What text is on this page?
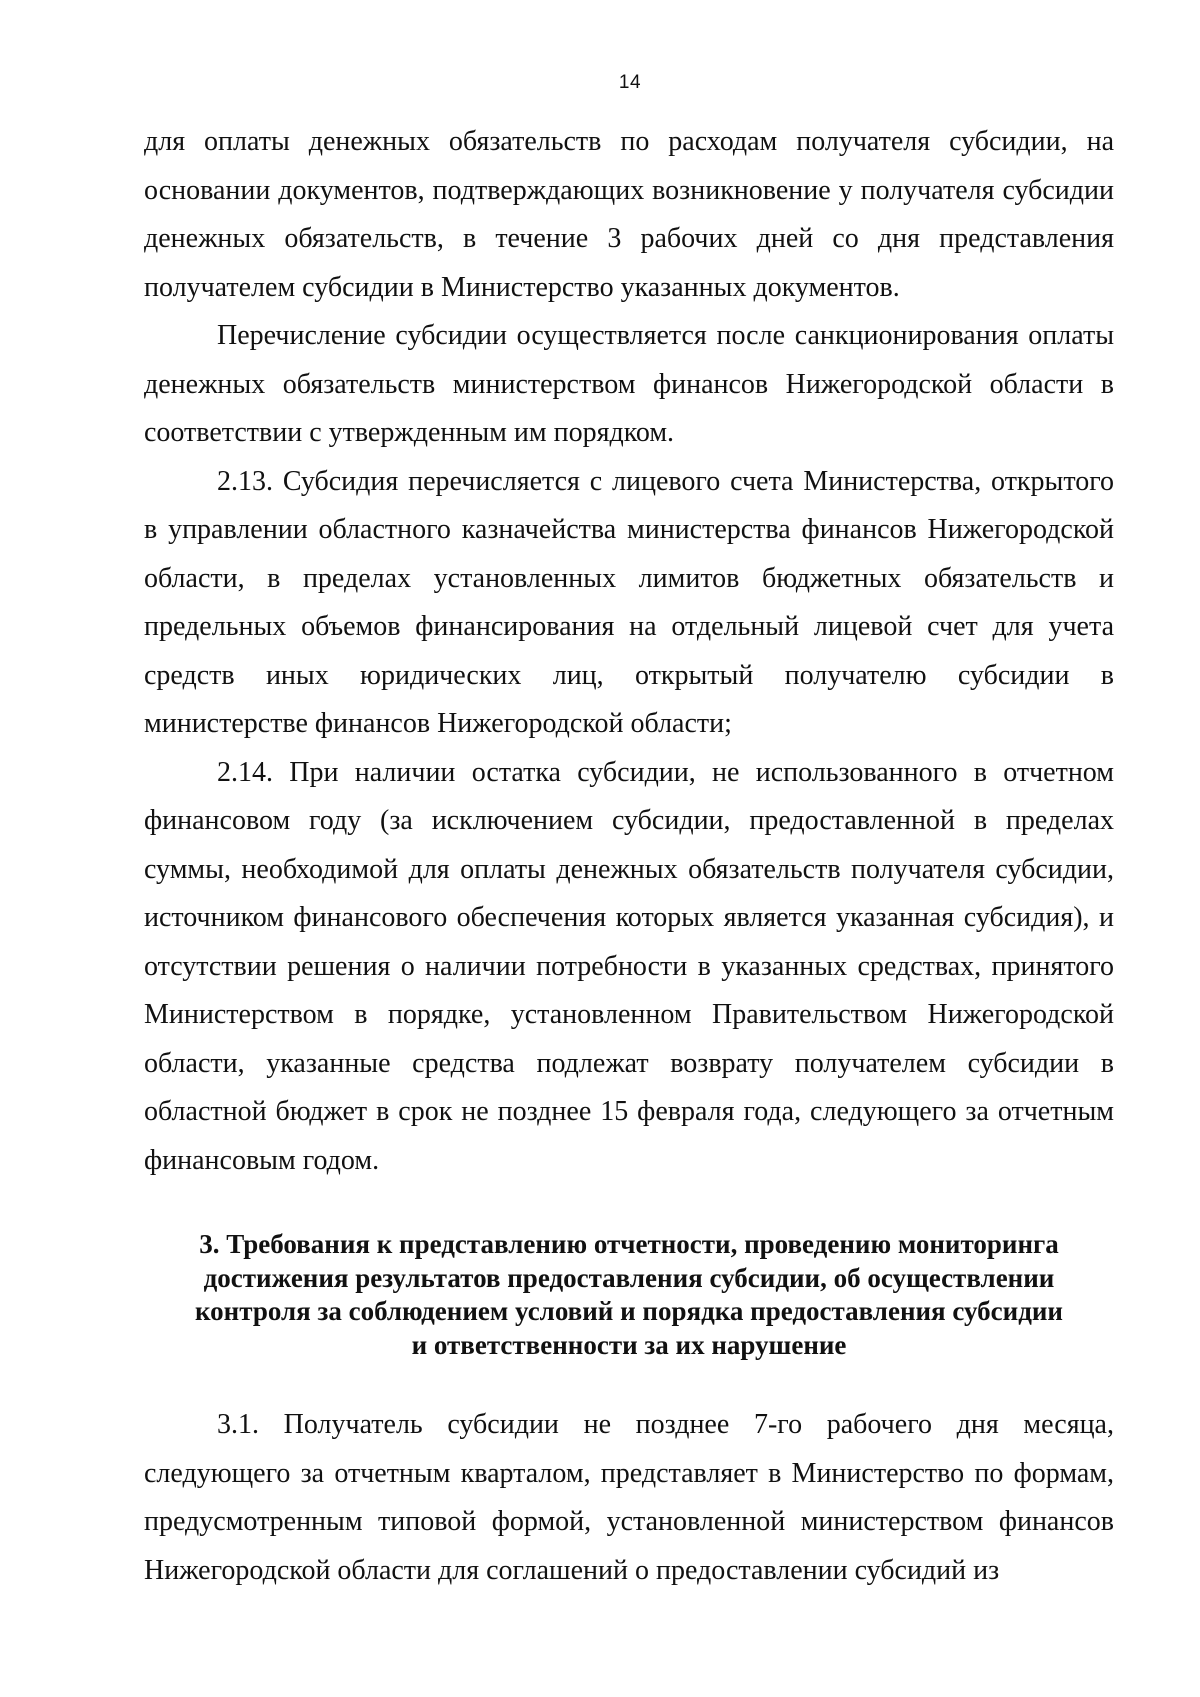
14

для оплаты денежных обязательств по расходам получателя субсидии, на основании документов, подтверждающих возникновение у получателя субсидии денежных обязательств, в течение 3 рабочих дней со дня представления получателем субсидии в Министерство указанных документов.

Перечисление субсидии осуществляется после санкционирования оплаты денежных обязательств министерством финансов Нижегородской области в соответствии с утвержденным им порядком.

2.13. Субсидия перечисляется с лицевого счета Министерства, открытого в управлении областного казначейства министерства финансов Нижегородской области, в пределах установленных лимитов бюджетных обязательств и предельных объемов финансирования на отдельный лицевой счет для учета средств иных юридических лиц, открытый получателю субсидии в министерстве финансов Нижегородской области;

2.14. При наличии остатка субсидии, не использованного в отчетном финансовом году (за исключением субсидии, предоставленной в пределах суммы, необходимой для оплаты денежных обязательств получателя субсидии, источником финансового обеспечения которых является указанная субсидия), и отсутствии решения о наличии потребности в указанных средствах, принятого Министерством в порядке, установленном Правительством Нижегородской области, указанные средства подлежат возврату получателем субсидии в областной бюджет в срок не позднее 15 февраля года, следующего за отчетным финансовым годом.

3. Требования к представлению отчетности, проведению мониторинга
достижения результатов предоставления субсидии, об осуществлении
контроля за соблюдением условий и порядка предоставления субсидии
и ответственности за их нарушение

3.1. Получатель субсидии не позднее 7-го рабочего дня месяца, следующего за отчетным кварталом, представляет в Министерство по формам, предусмотренным типовой формой, установленной министерством финансов Нижегородской области для соглашений о предоставлении субсидий из
